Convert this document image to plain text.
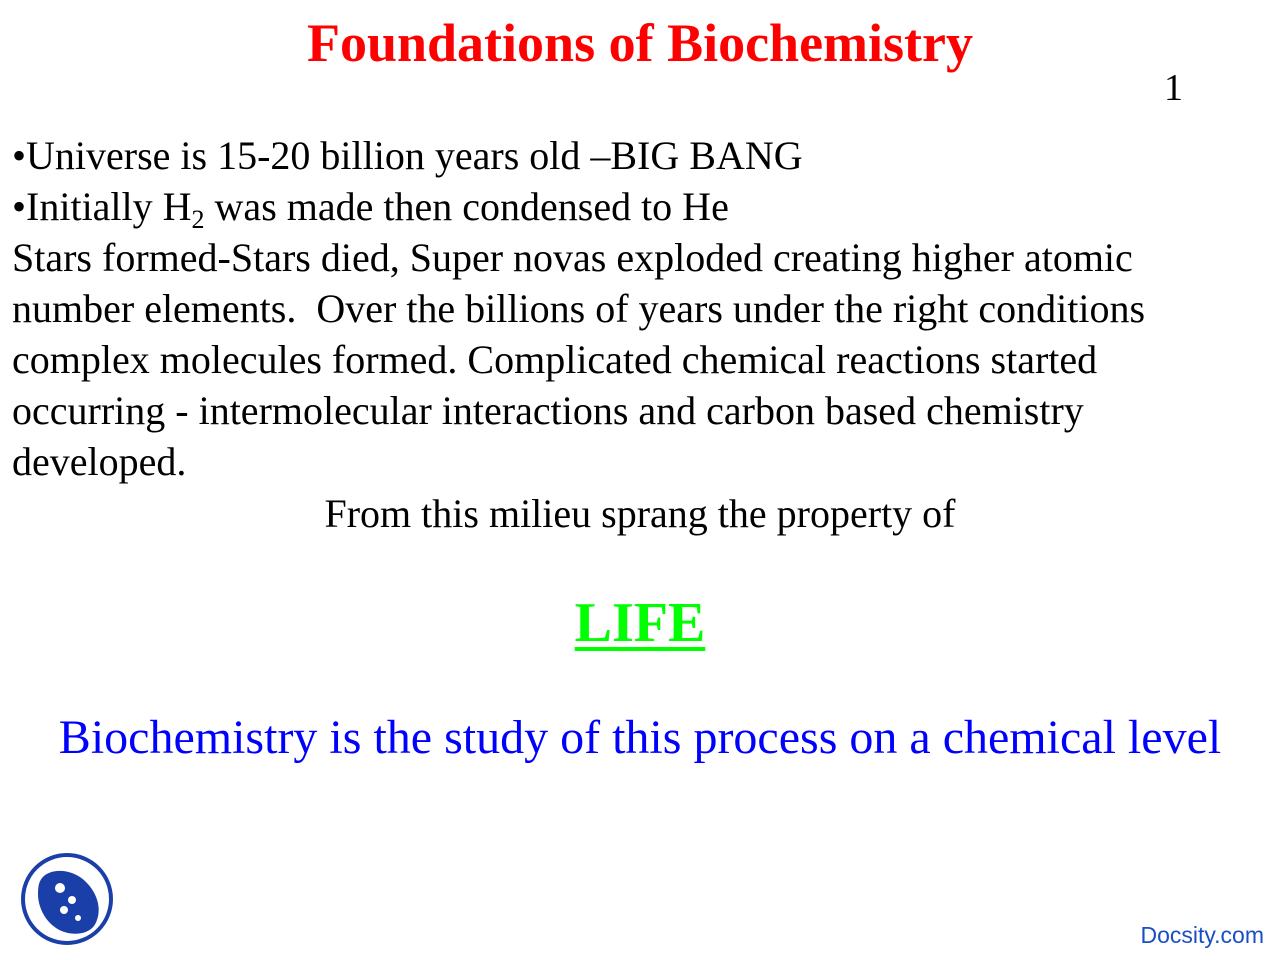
Foundations of Biochemistry
1
•Universe is 15-20 billion years old –BIG BANG
•Initially $H_2$ was made then condensed to He
Stars formed-Stars died, Super novas exploded creating higher atomic
number elements.  Over the billions of years under the right conditions
complex molecules formed. Complicated chemical reactions started
occurring - intermolecular interactions and carbon based chemistry
developed.
From this milieu sprang the property of
LIFE
Biochemistry is the study of this process on a chemical level
Docsity.com
